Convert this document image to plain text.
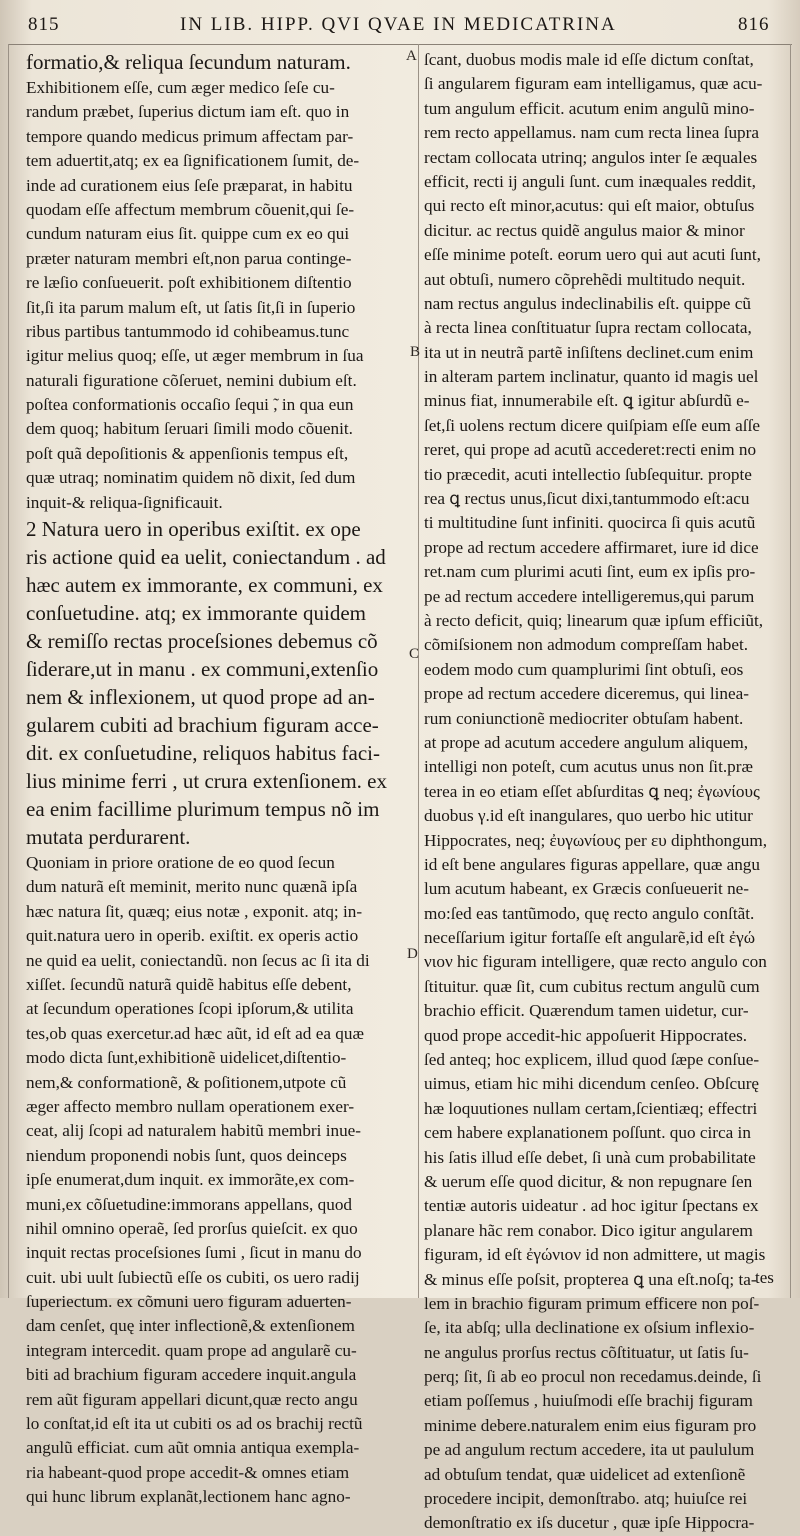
815	IN LIB. HIPP. QVI QVAE IN MEDICATRINA	816
formatio,& reliqua ſecundum naturam.
Exhibitionem eſſe, cum æger medico ſeſe cu-
randum præbet, ſuperius dictum iam eſt. quo in
tempore quando medicus primum affectam par-
tem aduertit,atq; ex ea ſignificationem ſumit, de-
inde ad curationem eius ſeſe præparat, in habitu
quodam eſſe affectum membrum cõuenit,qui ſe-
cundum naturam eius ſit. quippe cum ex eo qui
præter naturam membri eſt,non parua continge-
re læſio conſueuerit. poſt exhibitionem diſtentio
ſit,ſi ita parum malum eſt, ut ſatis ſit,ſi in ſuperio
ribus partibus tantummodo id cohibeamus.tunc
igitur melius quoq; eſſe, ut æger membrum in ſua
naturali figuratione cõſeruet, nemini dubium eſt.
poſtea conformationis occaſio ſequi ̃, in qua eun
dem quoq; habitum ſeruari ſimili modo cõuenit.
poſt quã depoſitionis & appenſionis tempus eſt,
quæ utraq; nominatim quidem nõ dixit, ſed dum
inquit-& reliqua-ſignificauit.
2 Natura uero in operibus exiſtit. ex ope
ris actione quid ea uelit, coniectandum . ad
hæc autem ex immorante, ex communi, ex
conſuetudine. atq; ex immorante quidem
& remiſſo rectas proceſsiones debemus cõ
ſiderare,ut in manu . ex communi,extenſio
nem & inflexionem, ut quod prope ad an-
gularem cubiti ad brachium figuram acce-
dit. ex conſuetudine, reliquos habitus faci-
lius minime ferri , ut crura extenſionem. ex
ea enim facillime plurimum tempus nõ im
mutata perdurarent.
Quoniam in priore oratione de eo quod ſecun
dum naturã eſt meminit, merito nunc quænã ipſa
hæc natura ſit, quæq; eius notæ , exponit. atq; in-
quit.natura uero in operib. exiſtit. ex operis actio
ne quid ea uelit, coniectandũ. non ſecus ac ſi ita di
xiſſet. ſecundũ naturã quidẽ habitus eſſe debent,
at ſecundum operationes ſcopi ipſorum,& utilita
tes,ob quas exercetur.ad hæc aũt, id eſt ad ea quæ
modo dicta ſunt,exhibitionẽ uidelicet,diſtentio-
nem,& conformationẽ, & poſitionem,utpote cũ
æger affecto membro nullam operationem exer-
ceat, alij ſcopi ad naturalem habitũ membri inue-
niendum proponendi nobis ſunt, quos deinceps
ipſe enumerat,dum inquit. ex immorãte,ex com-
muni,ex cõſuetudine:immorans appellans, quod
nihil omnino operaẽ, ſed prorſus quieſcit. ex quo
inquit rectas proceſsiones ſumi , ſicut in manu do
cuit. ubi uult ſubiectũ eſſe os cubiti, os uero radij
ſuperiectum. ex cõmuni uero figuram aduerten-
dam cenſet, quę inter inflectionẽ,& extenſionem
integram intercedit. quam prope ad angularẽ cu-
biti ad brachium figuram accedere inquit.angula
rem aũt figuram appellari dicunt,quæ recto angu
lo conſtat,id eſt ita ut cubiti os ad os brachij rectũ
angulũ efficiat. cum aũt omnia antiqua exempla-
ria habeant-quod prope accedit-& omnes etiam
qui hunc librum explanãt,lectionem hanc agno-
ſcant, duobus modis male id eſſe dictum conſtat,
ſi angularem figuram eam intelligamus, quæ acu-
tum angulum efficit. acutum enim angulũ mino-
rem recto appellamus. nam cum recta linea ſupra
rectam collocata utrinq; angulos inter ſe æquales
efficit, recti ij anguli ſunt. cum inæquales reddit,
qui recto eſt minor,acutus: qui eſt maior, obtuſus
dicitur. ac rectus quidẽ angulus maior & minor
eſſe minime poteſt. eorum uero qui aut acuti ſunt,
aut obtuſi, numero cõprehẽdi multitudo nequit.
nam rectus angulus indeclinabilis eſt. quippe cũ
à recta linea conſtituatur ſupra rectam collocata,
ita ut in neutrã partẽ inſiſtens declinet.cum enim
in alteram partem inclinatur, quanto id magis uel
minus fiat, innumerabile eſt. ꝗ igitur abſurdũ e-
ſet,ſi uolens rectum dicere quiſpiam eſſe eum aſſe
reret, qui prope ad acutũ accederet:recti enim no
tio præcedit, acuti intellectio ſubſequitur. propte
rea ꝗ rectus unus,ſicut dixi,tantummodo eſt:acu
ti multitudine ſunt infiniti. quocirca ſi quis acutũ
prope ad rectum accedere affirmaret, iure id dice
ret.nam cum plurimi acuti ſint, eum ex ipſis pro-
pe ad rectum accedere intelligeremus,qui parum
à recto deficit, quiq; linearum quæ ipſum efficiũt,
cõmiſsionem non admodum compreſſam habet.
eodem modo cum quamplurimi ſint obtuſi, eos
prope ad rectum accedere diceremus, qui linea-
rum coniunctionẽ mediocriter obtuſam habent.
at prope ad acutum accedere angulum aliquem,
intelligi non poteſt, cum acutus unus non ſit.præ
terea in eo etiam eſſet abſurditas ꝗ neq; ἐγωνίους
duobus γ.id eſt inangulares, quo uerbo hic utitur
Hippocrates, neq; ἐυγωνίους per ευ diphthongum,
id eſt bene angulares figuras appellare, quæ angu
lum acutum habeant, ex Græcis conſueuerit ne-
mo:ſed eas tantũmodo, quę recto angulo conſtãt.
neceſſarium igitur fortaſſe eſt angularẽ,id eſt ἐγώ
νιον hic figuram intelligere, quæ recto angulo con
ſtituitur. quæ ſit, cum cubitus rectum angulũ cum
brachio efficit. Quærendum tamen uidetur, cur-
quod prope accedit-hic appoſuerit Hippocrates.
ſed anteq; hoc explicem, illud quod ſæpe conſue-
uimus, etiam hic mihi dicendum cenſeo. Obſcurę
hæ loquutiones nullam certam,ſcientiæq; effectri
cem habere explanationem poſſunt. quo circa in
his ſatis illud eſſe debet, ſi unà cum probabilitate
& uerum eſſe quod dicitur, & non repugnare ſen
tentiæ autoris uideatur . ad hoc igitur ſpectans ex
planare hãc rem conabor. Dico igitur angularem
figuram, id eſt ἐγώνιον id non admittere, ut magis
& minus eſſe poſsit, propterea ꝗ una eſt.noſq; ta-
lem in brachio figuram primum efficere non poſ-
ſe, ita abſq; ulla declinatione ex oſsium inflexio-
ne angulus prorſus rectus cõſtituatur, ut ſatis ſu-
perq; ſit, ſi ab eo procul non recedamus.deinde, ſi
etiam poſſemus , huiuſmodi eſſe brachij figuram
minime debere.naturalem enim eius figuram pro
pe ad angulum rectum accedere, ita ut paululum
ad obtuſum tendat, quæ uidelicet ad extenſionẽ
procedere incipit, demonſtrabo. atq; huiuſce rei
demonſtratio ex iſs ducetur , quæ ipſe Hippocra-
A
B
C
D
tes
